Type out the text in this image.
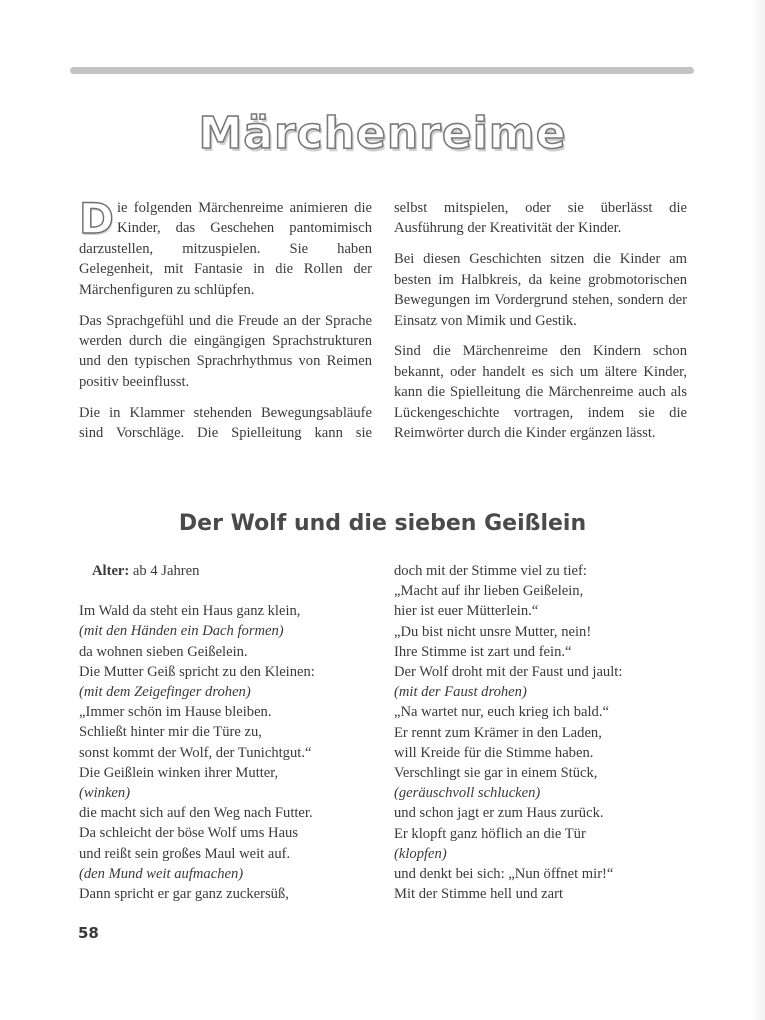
Märchenreime

Die folgenden Märchenreime animieren die Kinder, das Geschehen pantomimisch darzustellen, mitzuspielen. Sie haben Gelegenheit, mit Fantasie in die Rollen der Märchenfiguren zu schlüpfen.

Das Sprachgefühl und die Freude an der Sprache werden durch die eingängigen Sprachstrukturen und den typischen Sprachrhythmus von Reimen positiv beeinflusst.

Die in Klammer stehenden Bewegungsabläufe sind Vorschläge. Die Spielleitung kann sie

selbst mitspielen, oder sie überlässt die Ausführung der Kreativität der Kinder.

Bei diesen Geschichten sitzen die Kinder am besten im Halbkreis, da keine grobmotorischen Bewegungen im Vordergrund stehen, sondern der Einsatz von Mimik und Gestik.

Sind die Märchenreime den Kindern schon bekannt, oder handelt es sich um ältere Kinder, kann die Spielleitung die Märchenreime auch als Lückengeschichte vortragen, indem sie die Reimwörter durch die Kinder ergänzen lässt.

Der Wolf und die sieben Geißlein
Alter: ab 4 Jahren
Im Wald da steht ein Haus ganz klein,
(mit den Händen ein Dach formen)
da wohnen sieben Geißelein.
Die Mutter Geiß spricht zu den Kleinen:
(mit dem Zeigefinger drohen)
„Immer schön im Hause bleiben.
Schließt hinter mir die Türe zu,
sonst kommt der Wolf, der Tunichtgut.“
Die Geißlein winken ihrer Mutter,
(winken)
die macht sich auf den Weg nach Futter.
Da schleicht der böse Wolf ums Haus
und reißt sein großes Maul weit auf.
(den Mund weit aufmachen)
Dann spricht er gar ganz zuckersüß,
doch mit der Stimme viel zu tief:
„Macht auf ihr lieben Geißelein,
hier ist euer Mütterlein.“
„Du bist nicht unsre Mutter, nein!
Ihre Stimme ist zart und fein.“
Der Wolf droht mit der Faust und jault:
(mit der Faust drohen)
„Na wartet nur, euch krieg ich bald.“
Er rennt zum Krämer in den Laden,
will Kreide für die Stimme haben.
Verschlingt sie gar in einem Stück,
(geräuschvoll schlucken)
und schon jagt er zum Haus zurück.
Er klopft ganz höflich an die Tür
(klopfen)
und denkt bei sich: „Nun öffnet mir!“
Mit der Stimme hell und zart
58
